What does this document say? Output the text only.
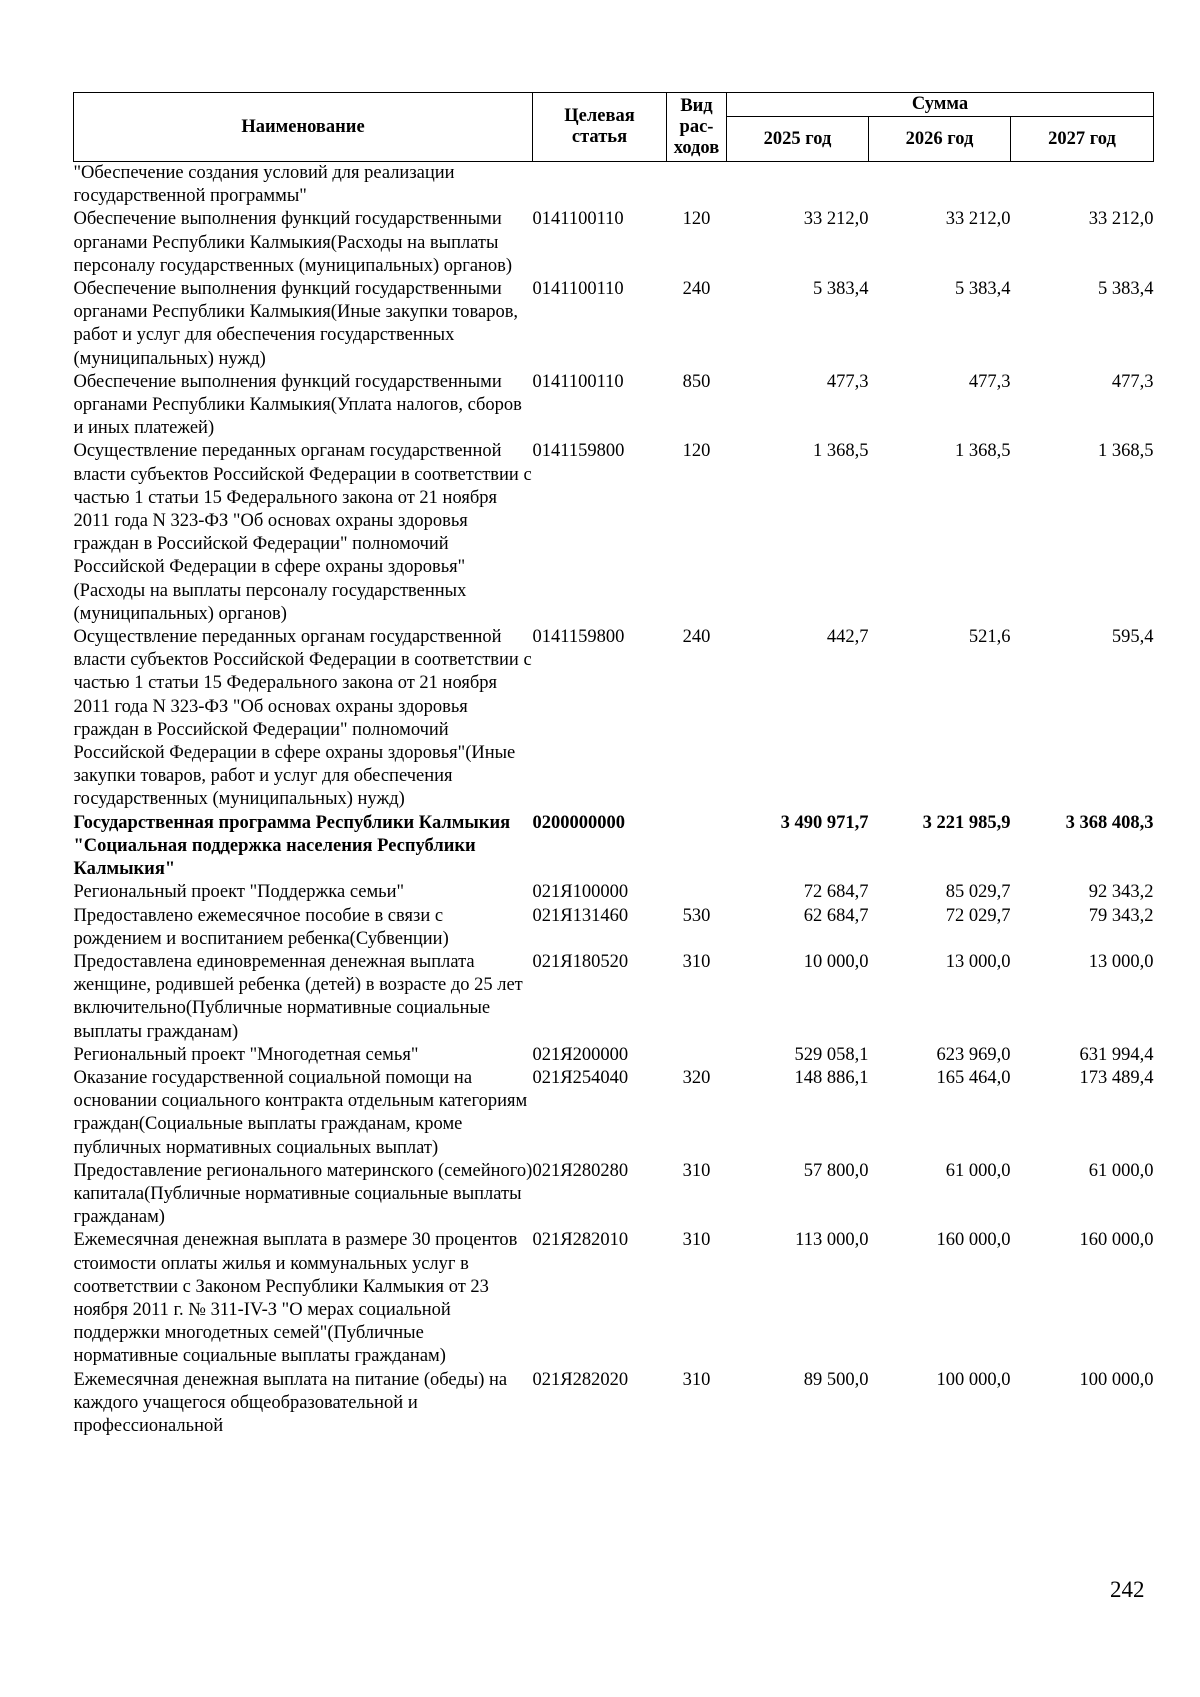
Наименование	Целевая статья	Вид рас-ходов	Сумма		
			2025 год	2026 год	2027 год
"Обеспечение создания условий для реализации государственной программы"					
Обеспечение выполнения функций государственными органами Республики Калмыкия(Расходы на выплаты персоналу государственных (муниципальных) органов)	0141100110	120	33 212,0	33 212,0	33 212,0
Обеспечение выполнения функций государственными органами Республики Калмыкия(Иные закупки товаров, работ и услуг для обеспечения государственных (муниципальных) нужд)	0141100110	240	5 383,4	5 383,4	5 383,4
Обеспечение выполнения функций государственными органами Республики Калмыкия(Уплата налогов, сборов и иных платежей)	0141100110	850	477,3	477,3	477,3
Осуществление переданных органам государственной власти субъектов Российской Федерации в соответствии с частью 1 статьи 15 Федерального закона от 21 ноября 2011 года N 323-ФЗ "Об основах охраны здоровья граждан в Российской Федерации" полномочий Российской Федерации в сфере охраны здоровья"(Расходы на выплаты персоналу государственных (муниципальных) органов)	0141159800	120	1 368,5	1 368,5	1 368,5
Осуществление переданных органам государственной власти субъектов Российской Федерации в соответствии с частью 1 статьи 15 Федерального закона от 21 ноября 2011 года N 323-ФЗ "Об основах охраны здоровья граждан в Российской Федерации" полномочий Российской Федерации в сфере охраны здоровья"(Иные закупки товаров, работ и услуг для обеспечения государственных (муниципальных) нужд)	0141159800	240	442,7	521,6	595,4
Государственная программа Республики Калмыкия "Социальная поддержка населения Республики Калмыкия"	0200000000		3 490 971,7	3 221 985,9	3 368 408,3
Региональный проект "Поддержка семьи"	021Я100000		72 684,7	85 029,7	92 343,2
Предоставлено ежемесячное пособие в связи с рождением и воспитанием ребенка(Субвенции)	021Я131460	530	62 684,7	72 029,7	79 343,2
Предоставлена единовременная денежная выплата женщине, родившей ребенка (детей) в возрасте до 25 лет включительно(Публичные нормативные социальные выплаты гражданам)	021Я180520	310	10 000,0	13 000,0	13 000,0
Региональный проект "Многодетная семья"	021Я200000		529 058,1	623 969,0	631 994,4
Оказание государственной социальной помощи на основании социального контракта отдельным категориям граждан(Социальные выплаты гражданам, кроме публичных нормативных социальных выплат)	021Я254040	320	148 886,1	165 464,0	173 489,4
Предоставление регионального материнского (семейного) капитала(Публичные нормативные социальные выплаты гражданам)	021Я280280	310	57 800,0	61 000,0	61 000,0
Ежемесячная денежная выплата в размере 30 процентов стоимости оплаты жилья и коммунальных услуг в соответствии с Законом Республики Калмыкия от 23 ноября 2011 г. № 311-IV-З "О мерах социальной поддержки многодетных семей"(Публичные нормативные социальные выплаты гражданам)	021Я282010	310	113 000,0	160 000,0	160 000,0
Ежемесячная денежная выплата на питание (обеды) на каждого учащегося общеобразовательной и профессиональной	021Я282020	310	89 500,0	100 000,0	100 000,0
242
